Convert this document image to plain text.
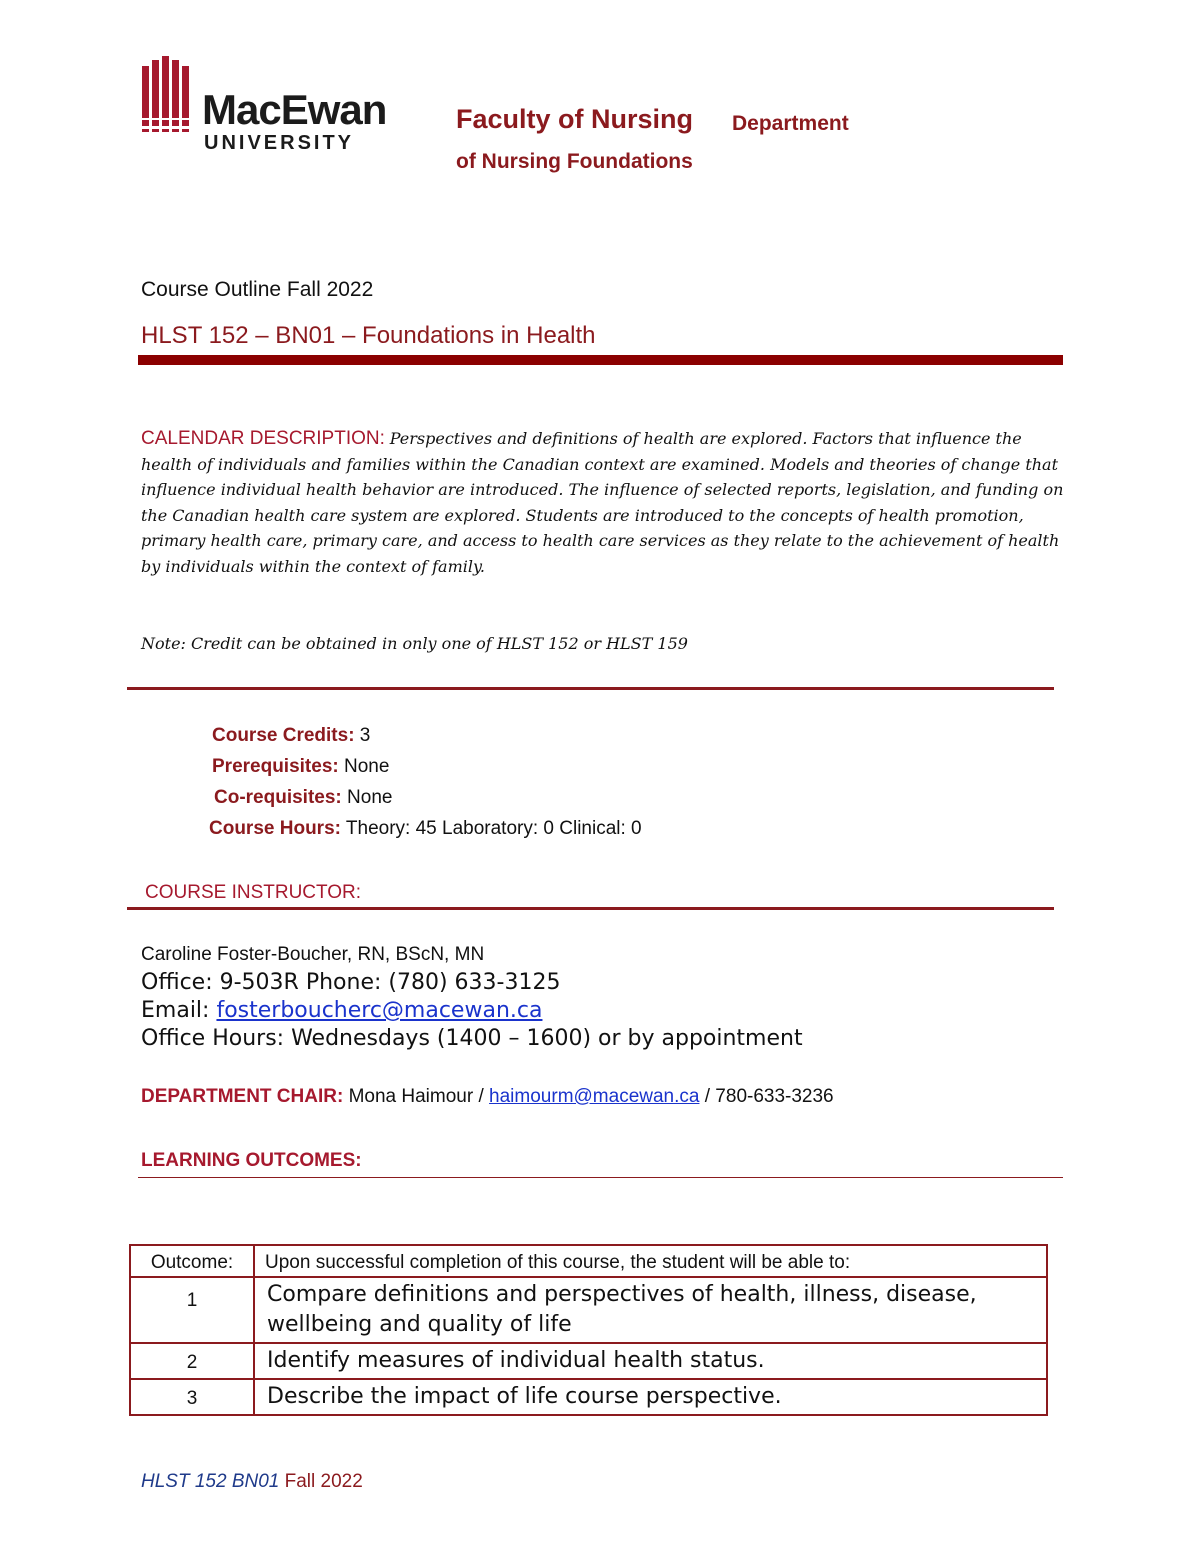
MacEwan
UNIVERSITY
Faculty of Nursing Department
of Nursing Foundations
Course Outline Fall 2022
HLST 152 – BN01 – Foundations in Health
CALENDAR DESCRIPTION: Perspectives and definitions of health are explored. Factors that influence the health of individuals and families within the Canadian context are examined. Models and theories of change that influence individual health behavior are introduced. The influence of selected reports, legislation, and funding on the Canadian health care system are explored. Students are introduced to the concepts of health promotion, primary health care, primary care, and access to health care services as they relate to the achievement of health by individuals within the context of family.
Note: Credit can be obtained in only one of HLST 152 or HLST 159
Course Credits: 3
Prerequisites: None
Co-requisites: None
Course Hours: Theory: 45 Laboratory: 0 Clinical: 0
COURSE INSTRUCTOR:
Caroline Foster-Boucher, RN, BScN, MN
Office: 9-503R Phone: (780) 633-3125
Email: fosterboucherc@macewan.ca
Office Hours: Wednesdays (1400 – 1600) or by appointment
DEPARTMENT CHAIR: Mona Haimour / haimourm@macewan.ca / 780-633-3236
LEARNING OUTCOMES:
Outcome:	Upon successful completion of this course, the student will be able to:
1	Compare definitions and perspectives of health, illness, disease, wellbeing and quality of life
2	Identify measures of individual health status.
3	Describe the impact of life course perspective.
HLST 152 BN01 Fall 2022
